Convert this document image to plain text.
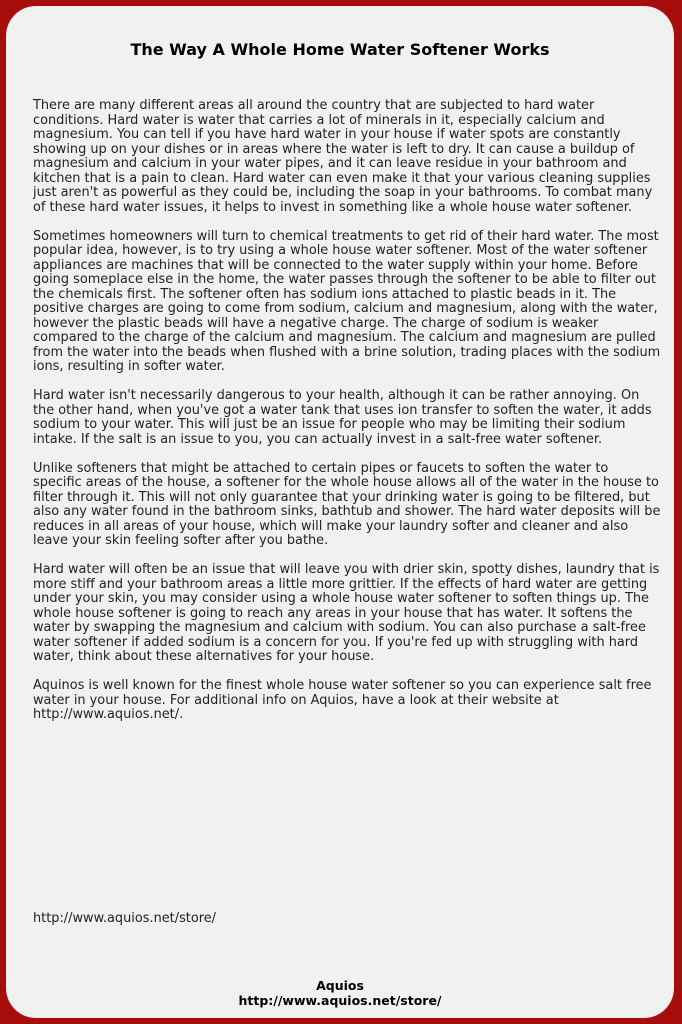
The Way A Whole Home Water Softener Works

There are many different areas all around the country that are subjected to hard water conditions. Hard water is water that carries a lot of minerals in it, especially calcium and magnesium. You can tell if you have hard water in your house if water spots are constantly showing up on your dishes or in areas where the water is left to dry. It can cause a buildup of magnesium and calcium in your water pipes, and it can leave residue in your bathroom and kitchen that is a pain to clean. Hard water can even make it that your various cleaning supplies just aren't as powerful as they could be, including the soap in your bathrooms. To combat many of these hard water issues, it helps to invest in something like a whole house water softener.

Sometimes homeowners will turn to chemical treatments to get rid of their hard water. The most popular idea, however, is to try using a whole house water softener. Most of the water softener appliances are machines that will be connected to the water supply within your home. Before going someplace else in the home, the water passes through the softener to be able to filter out the chemicals first. The softener often has sodium ions attached to plastic beads in it. The positive charges are going to come from sodium, calcium and magnesium, along with the water, however the plastic beads will have a negative charge. The charge of sodium is weaker compared to the charge of the calcium and magnesium. The calcium and magnesium are pulled from the water into the beads when flushed with a brine solution, trading places with the sodium ions, resulting in softer water.

Hard water isn't necessarily dangerous to your health, although it can be rather annoying. On the other hand, when you've got a water tank that uses ion transfer to soften the water, it adds sodium to your water. This will just be an issue for people who may be limiting their sodium intake. If the salt is an issue to you, you can actually invest in a salt-free water softener.

Unlike softeners that might be attached to certain pipes or faucets to soften the water to specific areas of the house, a softener for the whole house allows all of the water in the house to filter through it. This will not only guarantee that your drinking water is going to be filtered, but also any water found in the bathroom sinks, bathtub and shower. The hard water deposits will be reduces in all areas of your house, which will make your laundry softer and cleaner and also leave your skin feeling softer after you bathe.

Hard water will often be an issue that will leave you with drier skin, spotty dishes, laundry that is more stiff and your bathroom areas a little more grittier. If the effects of hard water are getting under your skin, you may consider using a whole house water softener to soften things up. The whole house softener is going to reach any areas in your house that has water. It softens the water by swapping the magnesium and calcium with sodium. You can also purchase a salt-free water softener if added sodium is a concern for you. If you're fed up with struggling with hard water, think about these alternatives for your house.

Aquinos is well known for the finest whole house water softener so you can experience salt free water in your house. For additional info on Aquios, have a look at their website at http://www.aquios.net/.

http://www.aquios.net/store/
Aquios
http://www.aquios.net/store/
